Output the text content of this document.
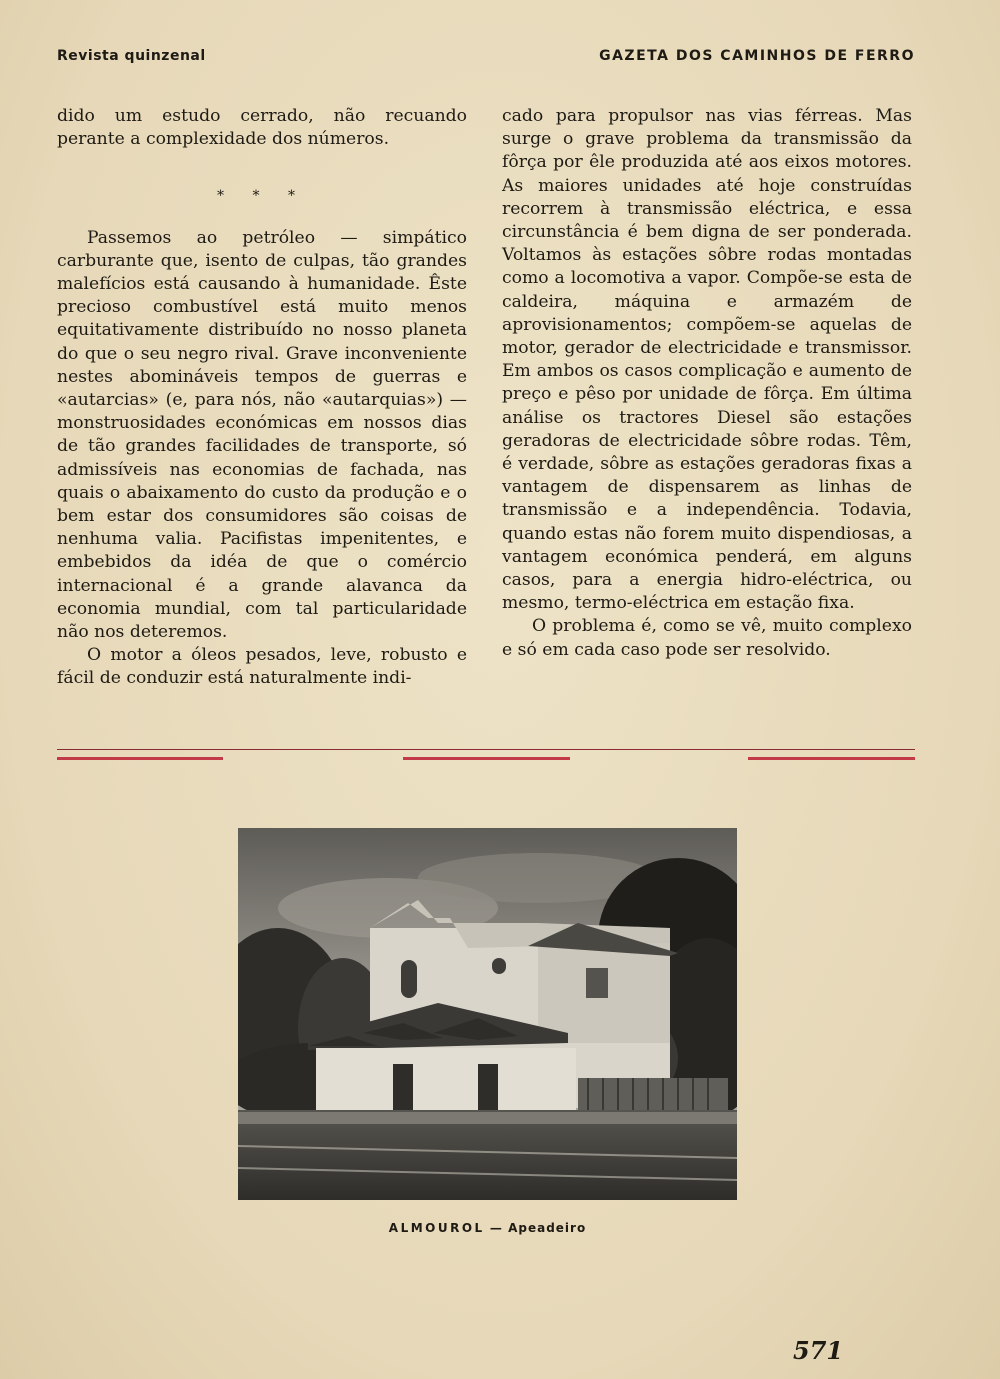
Revista quinzenal	GAZETA DOS CAMINHOS DE FERRO

dido um estudo cerrado, não recuando perante a complexidade dos números.

* * *

Passemos ao petróleo — simpático carburante que, isento de culpas, tão grandes malefícios está causando à humanidade. Êste precioso combustível está muito menos equitativamente distribuído no nosso planeta do que o seu negro rival. Grave inconveniente nestes abomináveis tempos de guerras e «autarcias» (e, para nós, não «autarquias») — monstruosidades económicas em nossos dias de tão grandes facilidades de transporte, só admissíveis nas economias de fachada, nas quais o abaixamento do custo da produção e o bem estar dos consumidores são coisas de nenhuma valia. Pacifistas impenitentes, e embebidos da idéa de que o comércio internacional é a grande alavanca da economia mundial, com tal particularidade não nos deteremos.

O motor a óleos pesados, leve, robusto e fácil de conduzir está naturalmente indi-

cado para propulsor nas vias férreas. Mas surge o grave problema da transmissão da fôrça por êle produzida até aos eixos motores. As maiores unidades até hoje construídas recorrem à transmissão eléctrica, e essa circunstância é bem digna de ser ponderada. Voltamos às estações sôbre rodas montadas como a locomotiva a vapor. Compõe-se esta de caldeira, máquina e armazém de aprovisionamentos; compõem-se aquelas de motor, gerador de electricidade e transmissor. Em ambos os casos complicação e aumento de preço e pêso por unidade de fôrça. Em última análise os tractores Diesel são estações geradoras de electricidade sôbre rodas. Têm, é verdade, sôbre as estações geradoras fixas a vantagem de dispensarem as linhas de transmissão e a independência. Todavia, quando estas não forem muito dispendiosas, a vantagem económica penderá, em alguns casos, para a energia hidro-eléctrica, ou mesmo, termo-eléctrica em estação fixa.

O problema é, como se vê, muito complexo e só em cada caso pode ser resolvido.

ALMOUROL — Apeadeiro
571
